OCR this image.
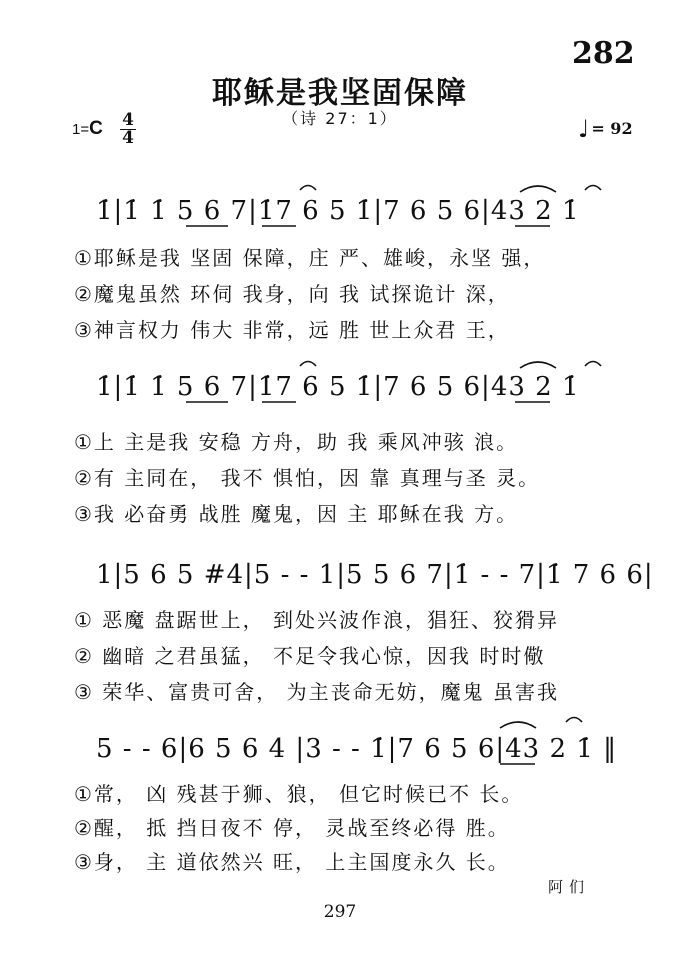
282
耶稣是我坚固保障
（诗 27：1）
1=C 4
4	♩ = 92
1̇|1̇ 1̇ 5 6 7|1̇7 6 5 1̇|7 6 5 6|43 2 1̇
①耶稣是我 坚固 保障，庄 严、雄峻，永坚 强，
②魔鬼虽然 环伺 我身，向 我 试探诡计 深，
③神言权力 伟大 非常，远 胜 世上众君 王，
1̇|1̇ 1̇ 5 6 7|1̇7 6 5 1̇|7 6 5 6|43 2 1̇
①上 主是我 安稳 方舟，助 我 乘风冲骇 浪。
②有 主同在， 我不 惧怕，因 靠 真理与圣 灵。
③我 必奋勇 战胜 魔鬼，因 主 耶稣在我 方。
1|5 6 5 #4|5 - - 1|5 5 6 7|1̇ - - 7|1̇ 7 6 6|
① 恶魔 盘踞世上， 到处兴波作浪，猖狂、狡猾异
② 幽暗 之君虽猛， 不足令我心惊，因我 时时儆
③ 荣华、富贵可舍， 为主丧命无妨，魔鬼 虽害我
5 - - 6|6 5 6 4 |3 - - 1̇|7 6 5 6|43 2 1̇ ‖
①常， 凶 残甚于狮、狼， 但它时候已不 长。
②醒， 抵 挡日夜不 停， 灵战至终必得 胜。
③身， 主 道依然兴 旺， 上主国度永久 长。
阿们
297
